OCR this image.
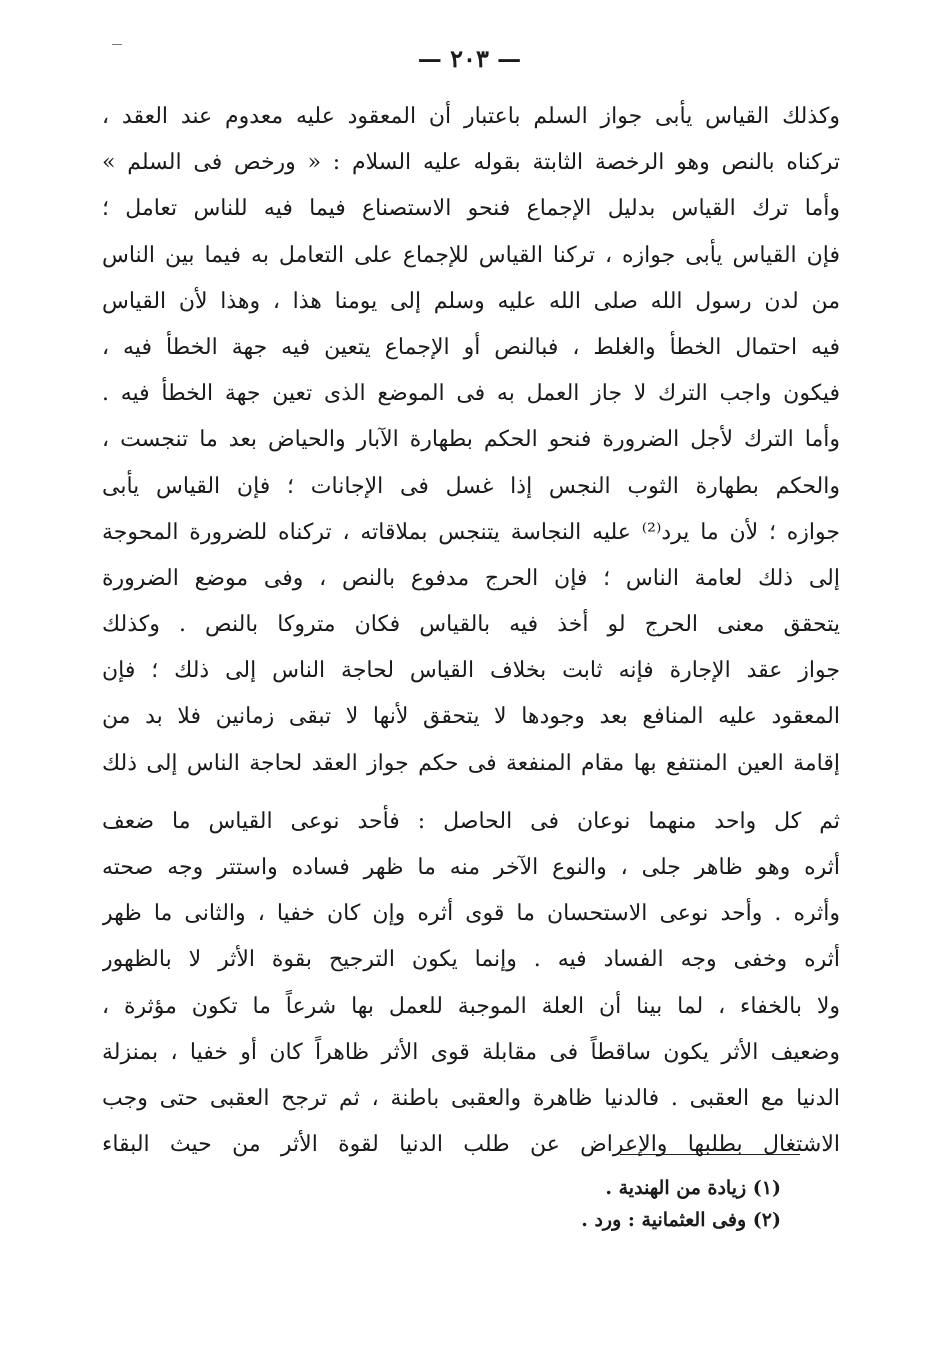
— ٢٠٣ —
وكذلك القياس يأبى جواز السلم باعتبار أن المعقود عليه معدوم عند العقد ،
تركناه بالنص وهو الرخصة الثابتة بقوله عليه السلام : « ورخص فى السلم »
وأما ترك القياس بدليل الإجماع فنحو الاستصناع فيما فيه للناس تعامل ؛
فإن القياس يأبى جوازه ، تركنا القياس للإجماع على التعامل به فيما بين الناس
من لدن رسول الله صلى الله عليه وسلم إلى يومنا هذا ، وهذا لأن القياس
فيه احتمال الخطأ والغلط ، فبالنص أو الإجماع يتعين فيه جهة الخطأ فيه ،
فيكون واجب الترك لا جاز العمل به فى الموضع الذى تعين جهة الخطأ فيه .
وأما الترك لأجل الضرورة فنحو الحكم بطهارة الآبار والحياض بعد ما تنجست ،
والحكم بطهارة الثوب النجس إذا غسل فى الإجانات ؛ فإن القياس يأبى
جوازه ؛ لأن ما يرد⁽²⁾ عليه النجاسة يتنجس بملاقاته ، تركناه للضرورة المحوجة
إلى ذلك لعامة الناس ؛ فإن الحرج مدفوع بالنص ، وفى موضع الضرورة
يتحقق معنى الحرج لو أخذ فيه بالقياس فكان متروكا بالنص . وكذلك
جواز عقد الإجارة فإنه ثابت بخلاف القياس لحاجة الناس إلى ذلك ؛ فإن
المعقود عليه المنافع بعد وجودها لا يتحقق لأنها لا تبقى زمانين فلا بد من
إقامة العين المنتفع بها مقام المنفعة فى حكم جواز العقد لحاجة الناس إلى ذلك
ثم كل واحد منهما نوعان فى الحاصل : فأحد نوعى القياس ما ضعف
أثره وهو ظاهر جلى ، والنوع الآخر منه ما ظهر فساده واستتر وجه صحته
وأثره . وأحد نوعى الاستحسان ما قوى أثره وإن كان خفيا ، والثانى ما ظهر
أثره وخفى وجه الفساد فيه . وإنما يكون الترجيح بقوة الأثر لا بالظهور
ولا بالخفاء ، لما بينا أن العلة الموجبة للعمل بها شرعاً ما تكون مؤثرة ،
وضعيف الأثر يكون ساقطاً فى مقابلة قوى الأثر ظاهراً كان أو خفيا ، بمنزلة
الدنيا مع العقبى . فالدنيا ظاهرة والعقبى باطنة ، ثم ترجح العقبى حتى وجب
الاشتغال بطلبها والإعراض عن طلب الدنيا لقوة الأثر من حيث البقاء
(١) زيادة من الهندية .
(٢) وفى العثمانية : ورد .
